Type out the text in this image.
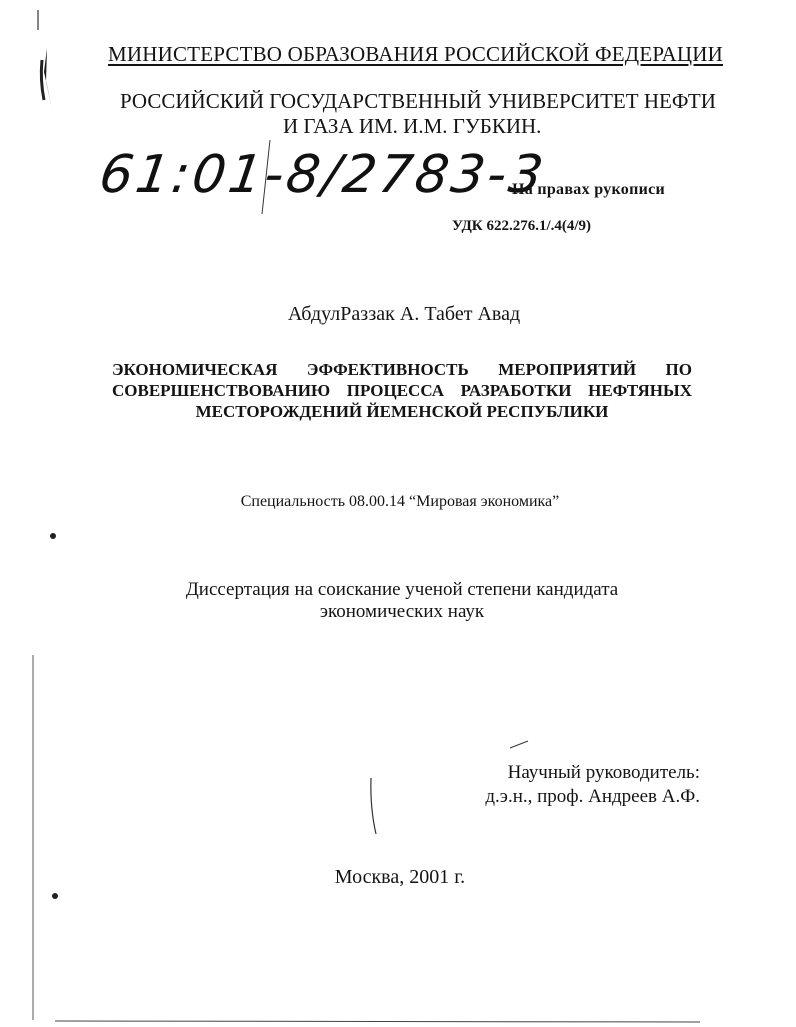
МИНИСТЕРСТВО ОБРАЗОВАНИЯ РОССИЙСКОЙ ФЕДЕРАЦИИ

РОССИЙСКИЙ ГОСУДАРСТВЕННЫЙ УНИВЕРСИТЕТ НЕФТИ

И ГАЗА ИМ. И.М. ГУБКИН.

61:01-8/2783-3

На правах рукописи

УДК 622.276.1/.4(4/9)

АбдулРаззак А. Табет Авад

ЭКОНОМИЧЕСКАЯ ЭФФЕКТИВНОСТЬ МЕРОПРИЯТИЙ ПО
СОВЕРШЕНСТВОВАНИЮ ПРОЦЕССА РАЗРАБОТКИ НЕФТЯНЫХ
МЕСТОРОЖДЕНИЙ ЙЕМЕНСКОЙ РЕСПУБЛИКИ

Специальность 08.00.14 “Мировая экономика”

Диссертация на соискание ученой степени кандидата

экономических наук

Научный руководитель:

д.э.н., проф. Андреев А.Ф.

Москва, 2001 г.
